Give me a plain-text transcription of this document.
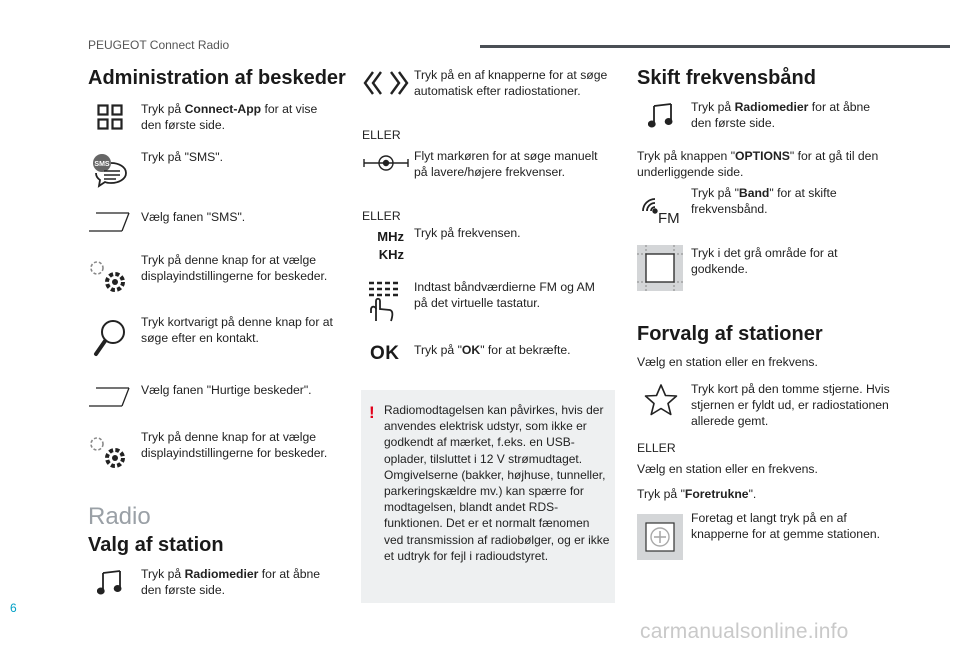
PEUGEOT Connect Radio
Administration af beskeder
Tryk på Connect-App for at vise den første side.
SMS
Tryk på "SMS".
Vælg fanen "SMS".
Tryk på denne knap for at vælge displayindstillingerne for beskeder.
Tryk kortvarigt på denne knap for at søge efter en kontakt.
Vælg fanen "Hurtige beskeder".
Tryk på denne knap for at vælge displayindstillingerne for beskeder.
Radio
Valg af station
Tryk på Radiomedier for at åbne den første side.
Tryk på en af knapperne for at søge automatisk efter radiostationer.
ELLER
Flyt markøren for at søge manuelt på lavere/højere frekvenser.
ELLER
MHz
KHz
Tryk på frekvensen.
Indtast båndværdierne FM og AM på det virtuelle tastatur.
OK Tryk på "OK" for at bekræfte.
! Radiomodtagelsen kan påvirkes, hvis der anvendes elektrisk udstyr, som ikke er godkendt af mærket, f.eks. en USB-oplader, tilsluttet i 12 V strømudtaget. Omgivelserne (bakker, højhuse, tunneller, parkeringskældre mv.) kan spærre for modtagelsen, blandt andet RDS-funktionen. Det er et normalt fænomen ved transmission af radiobølger, og er ikke et udtryk for fejl i radioudstyret.
Skift frekvensbånd
Tryk på Radiomedier for at åbne den første side.
Tryk på knappen "OPTIONS" for at gå til den underliggende side.
FM
Tryk på "Band" for at skifte frekvensbånd.
Tryk i det grå område for at godkende.
Forvalg af stationer
Vælg en station eller en frekvens.
Tryk kort på den tomme stjerne. Hvis stjernen er fyldt ud, er radiostationen allerede gemt.
ELLER
Vælg en station eller en frekvens.
Tryk på "Foretrukne".
Foretag et langt tryk på en af knapperne for at gemme stationen.
6
carmanualsonline.info
